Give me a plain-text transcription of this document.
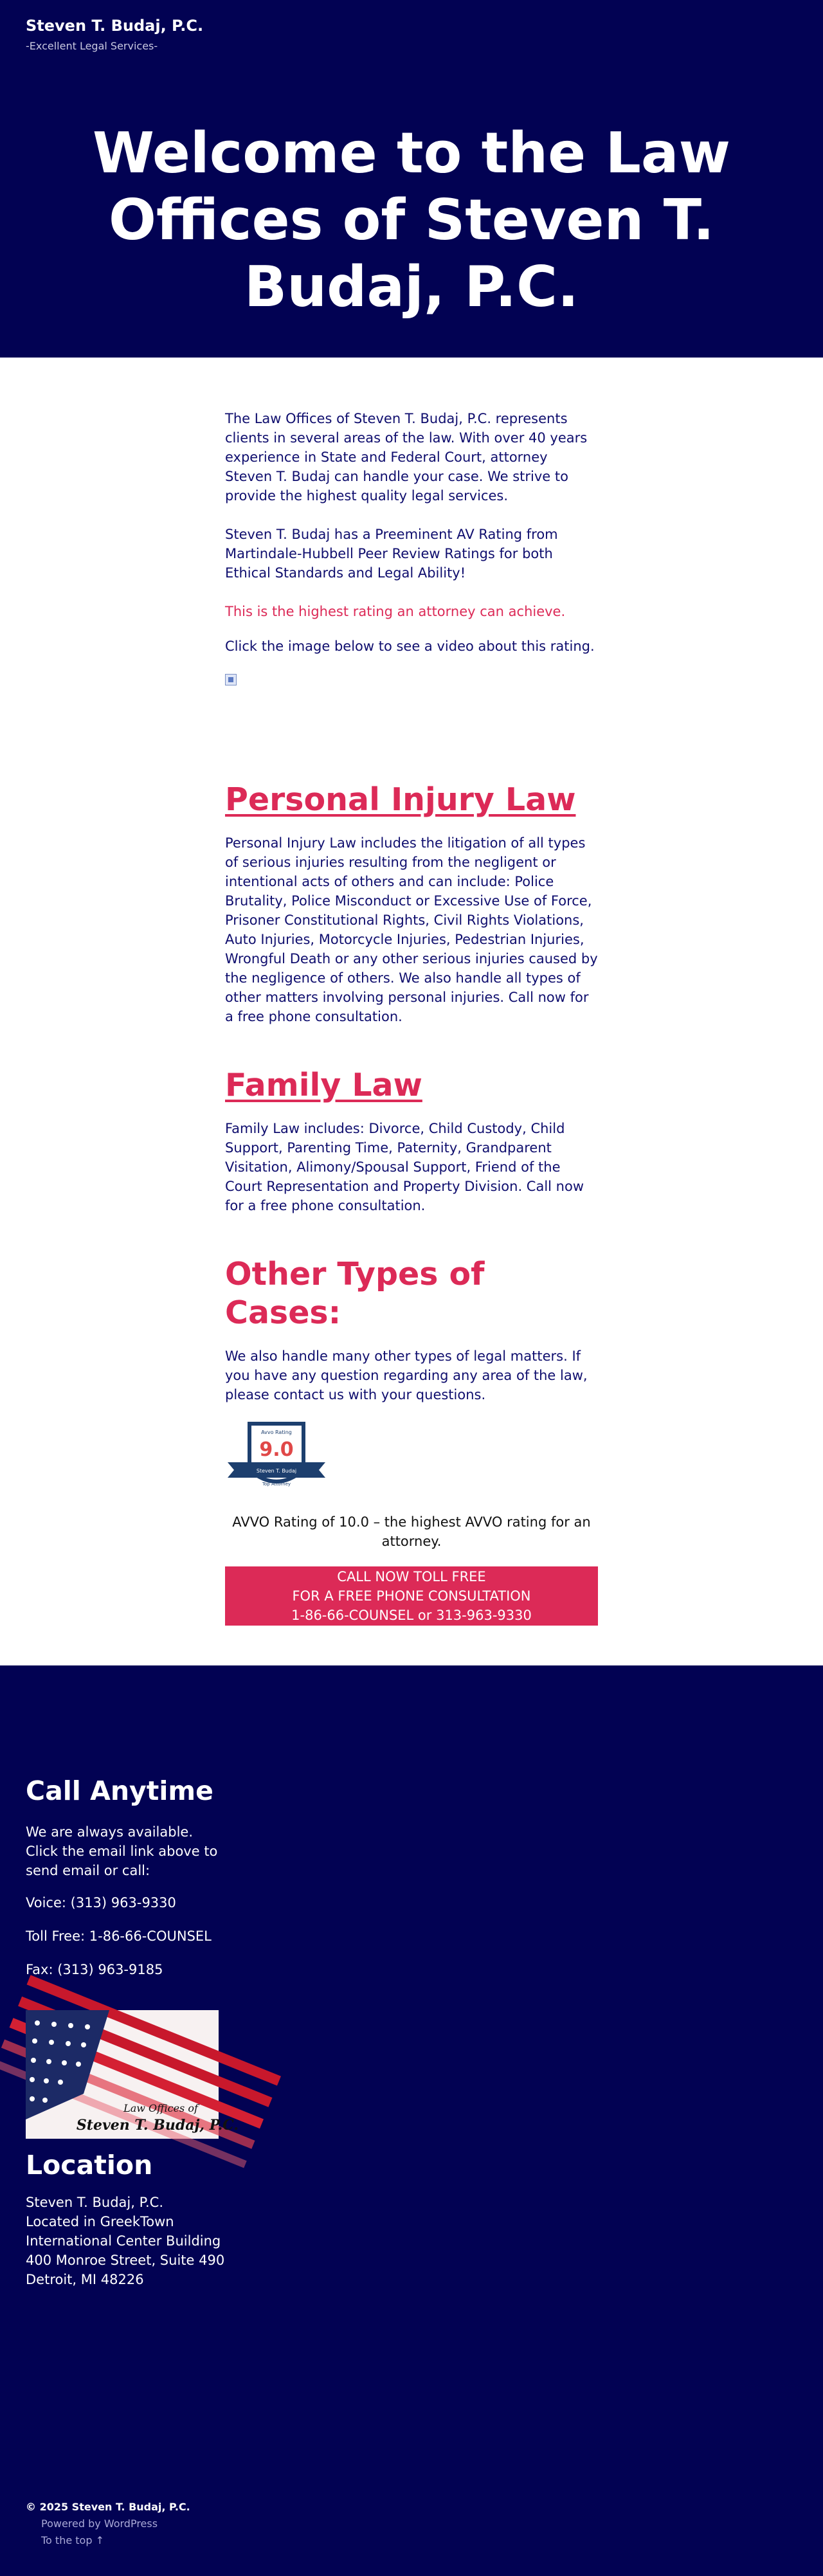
Steven T. Budaj, P.C.
-Excellent Legal Services-
Welcome to the Law Offices of Steven T. Budaj, P.C.

The Law Offices of Steven T. Budaj, P.C. represents clients in several areas of the law. With over 40 years experience in State and Federal Court, attorney Steven T. Budaj can handle your case. We strive to provide the highest quality legal services.

Steven T. Budaj has a Preeminent AV Rating from Martindale-Hubbell Peer Review Ratings for both Ethical Standards and Legal Ability!

This is the highest rating an attorney can achieve.

Click the image below to see a video about this rating.

Personal Injury Law

Personal Injury Law includes the litigation of all types of serious injuries resulting from the negligent or intentional acts of others and can include: Police Brutality, Police Misconduct or Excessive Use of Force, Prisoner Constitutional Rights, Civil Rights Violations, Auto Injuries, Motorcycle Injuries, Pedestrian Injuries, Wrongful Death or any other serious injuries caused by the negligence of others. We also handle all types of other matters involving personal injuries. Call now for a free phone consultation.

Family Law

Family Law includes: Divorce, Child Custody, Child Support, Parenting Time, Paternity, Grandparent Visitation, Alimony/Spousal Support, Friend of the Court Representation and Property Division. Call now for a free phone consultation.

Other Types of Cases:

We also handle many other types of legal matters. If you have any question regarding any area of the law, please contact us with your questions.

Avvo Rating
9.0
Steven T. Budaj
Top Attorney

AVVO Rating of 10.0 – the highest AVVO rating for an attorney.

CALL NOW TOLL FREE
FOR A FREE PHONE CONSULTATION
1-86-66-COUNSEL or 313-963-9330
Call Anytime

We are always available.
Click the email link above to send email or call:

Voice: (313) 963-9330

Toll Free: 1-86-66-COUNSEL

Fax: (313) 963-9185

Law Offices of
Steven T. Budaj, P.C.
Location

Steven T. Budaj, P.C.
Located in GreekTown
International Center Building
400 Monroe Street, Suite 490
Detroit, MI 48226

© 2025 Steven T. Budaj, P.C.
Powered by WordPress
To the top ↑
